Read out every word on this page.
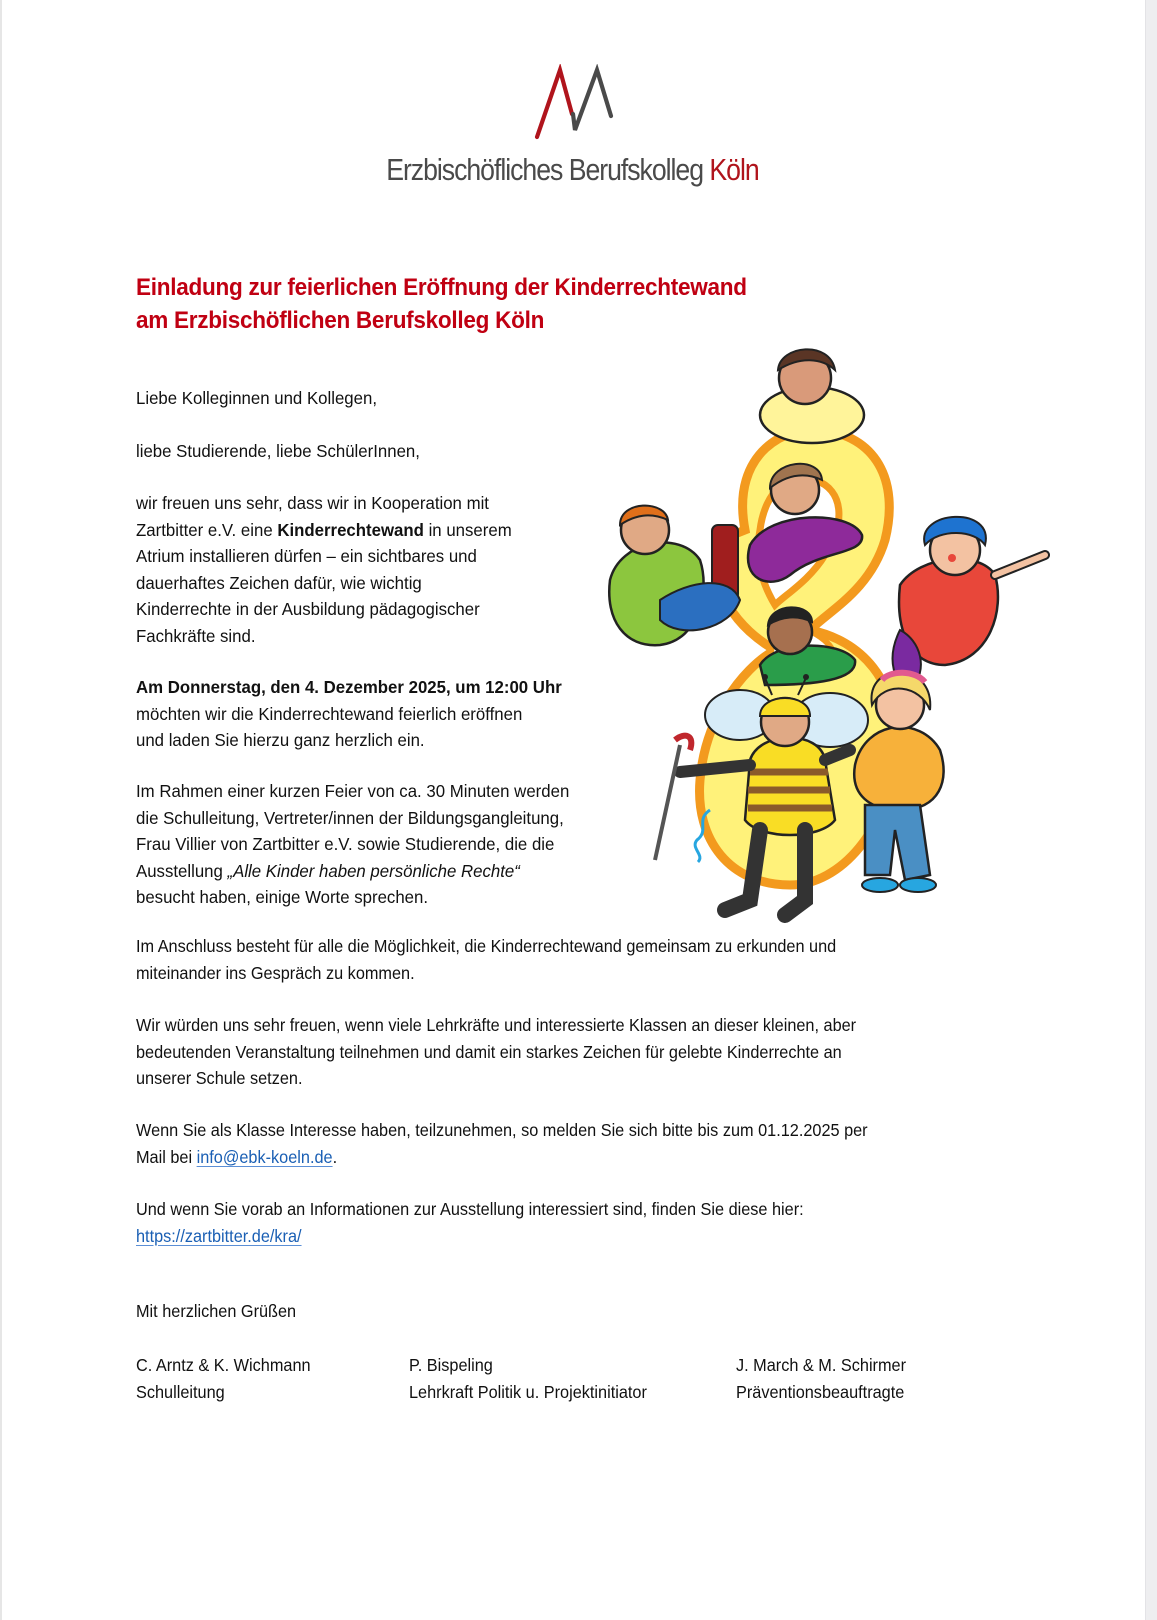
Erzbischöfliches Berufskolleg Köln
Einladung zur feierlichen Eröffnung der Kinderrechtewand
am Erzbischöflichen Berufskolleg Köln
Liebe Kolleginnen und Kollegen,
liebe Studierende, liebe SchülerInnen,
wir freuen uns sehr, dass wir in Kooperation mit
Zartbitter e.V. eine Kinderrechtewand in unserem
Atrium installieren dürfen – ein sichtbares und
dauerhaftes Zeichen dafür, wie wichtig
Kinderrechte in der Ausbildung pädagogischer
Fachkräfte sind.
Am Donnerstag, den 4. Dezember 2025, um 12:00 Uhr
möchten wir die Kinderrechtewand feierlich eröffnen
und laden Sie hierzu ganz herzlich ein.
Im Rahmen einer kurzen Feier von ca. 30 Minuten werden
die Schulleitung, Vertreter/innen der Bildungsgangleitung,
Frau Villier von Zartbitter e.V. sowie Studierende, die die
Ausstellung „Alle Kinder haben persönliche Rechte“
besucht haben, einige Worte sprechen.
Im Anschluss besteht für alle die Möglichkeit, die Kinderrechtewand gemeinsam zu erkunden und
miteinander ins Gespräch zu kommen.
Wir würden uns sehr freuen, wenn viele Lehrkräfte und interessierte Klassen an dieser kleinen, aber
bedeutenden Veranstaltung teilnehmen und damit ein starkes Zeichen für gelebte Kinderrechte an
unserer Schule setzen.
Wenn Sie als Klasse Interesse haben, teilzunehmen, so melden Sie sich bitte bis zum 01.12.2025 per
Mail bei info@ebk-koeln.de.
Und wenn Sie vorab an Informationen zur Ausstellung interessiert sind, finden Sie diese hier:
https://zartbitter.de/kra/
Mit herzlichen Grüßen
C. Arntz & K. Wichmann
Schulleitung
P. Bispeling
Lehrkraft Politik u. Projektinitiator
J. March & M. Schirmer
Präventionsbeauftragte
